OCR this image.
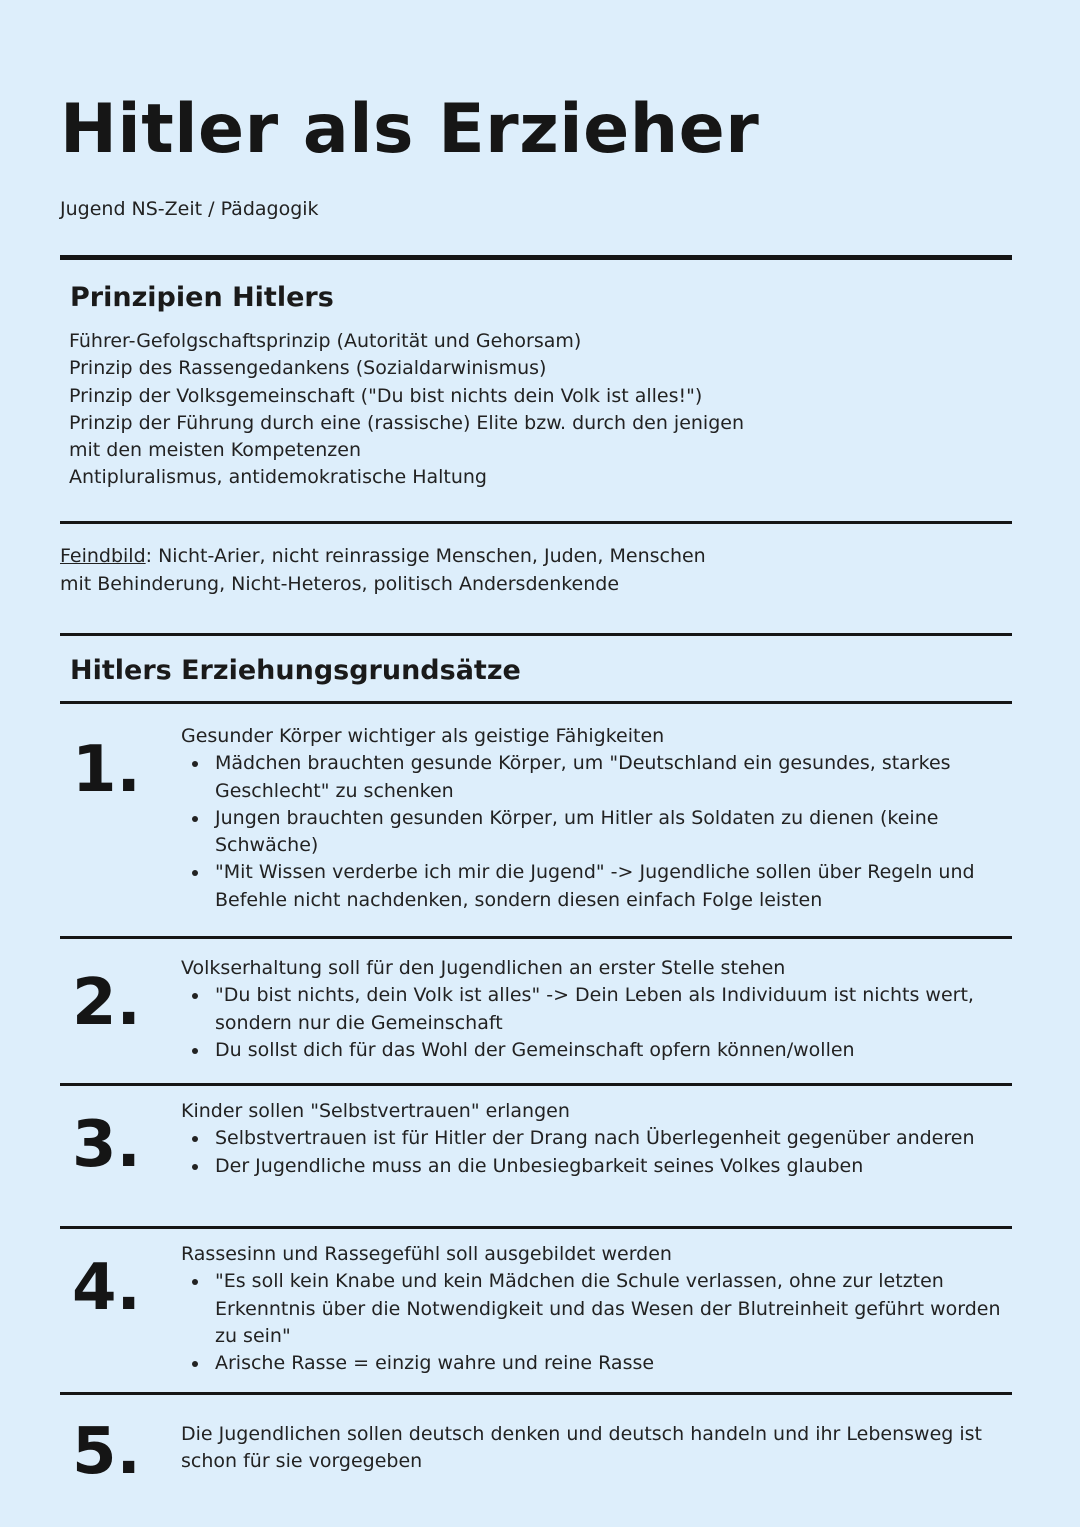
Hitler als Erzieher
Jugend NS-Zeit / Pädagogik
Prinzipien Hitlers
Führer-Gefolgschaftsprinzip (Autorität und Gehorsam)
Prinzip des Rassengedankens (Sozialdarwinismus)
Prinzip der Volksgemeinschaft ("Du bist nichts dein Volk ist alles!")
Prinzip der Führung durch eine (rassische) Elite bzw. durch den jenigen
mit den meisten Kompetenzen
Antipluralismus, antidemokratische Haltung
Feindbild: Nicht-Arier, nicht reinrassige Menschen, Juden, Menschen
mit Behinderung, Nicht-Heteros, politisch Andersdenkende
Hitlers Erziehungsgrundsätze
1. Gesunder Körper wichtiger als geistige Fähigkeiten
Mädchen brauchten gesunde Körper, um "Deutschland ein gesundes, starkes Geschlecht" zu schenken
Jungen brauchten gesunden Körper, um Hitler als Soldaten zu dienen (keine Schwäche)
"Mit Wissen verderbe ich mir die Jugend" -> Jugendliche sollen über Regeln und Befehle nicht nachdenken, sondern diesen einfach Folge leisten
2. Volkserhaltung soll für den Jugendlichen an erster Stelle stehen
"Du bist nichts, dein Volk ist alles" -> Dein Leben als Individuum ist nichts wert, sondern nur die Gemeinschaft
Du sollst dich für das Wohl der Gemeinschaft opfern können/wollen
3. Kinder sollen "Selbstvertrauen" erlangen
Selbstvertrauen ist für Hitler der Drang nach Überlegenheit gegenüber anderen
Der Jugendliche muss an die Unbesiegbarkeit seines Volkes glauben
4. Rassesinn und Rassegefühl soll ausgebildet werden
"Es soll kein Knabe und kein Mädchen die Schule verlassen, ohne zur letzten Erkenntnis über die Notwendigkeit und das Wesen der Blutreinheit geführt worden zu sein"
Arische Rasse = einzig wahre und reine Rasse
5. Die Jugendlichen sollen deutsch denken und deutsch handeln und ihr Lebensweg ist schon für sie vorgegeben
